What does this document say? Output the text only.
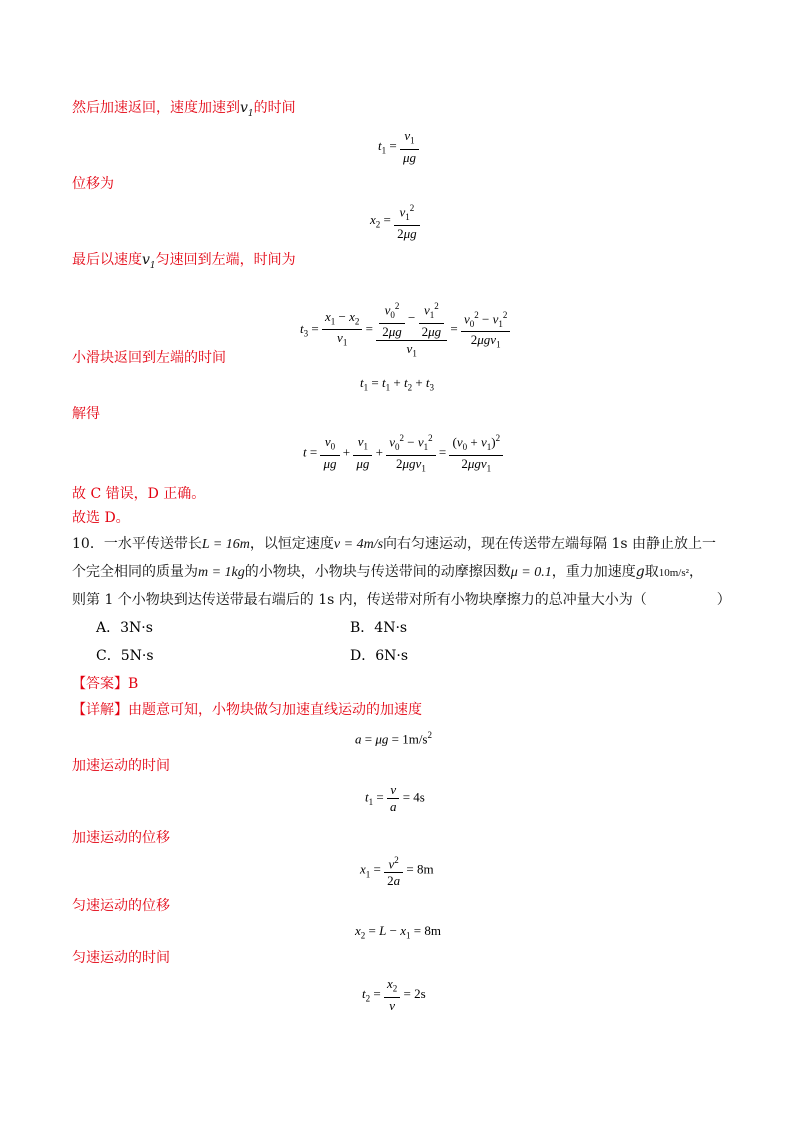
然后加速返回，速度加速到$v_1$的时间
$t_1 = \frac{v_1}{\mu g}$
位移为
$x_2 = \frac{v_1^2}{2\mu g}$
最后以速度$v_1$匀速回到左端，时间为
$t_3 = \frac{x_1 - x_2}{v_1} = \frac{\frac{v_0^2}{2\mu g} - \frac{v_1^2}{2\mu g}}{v_1} = \frac{v_0^2 - v_1^2}{2\mu gv_1}$
小滑块返回到左端的时间
$t_1 = t_1 + t_2 + t_3$
解得
$t = \frac{v_0}{\mu g} + \frac{v_1}{\mu g} + \frac{v_0^2 - v_1^2}{2\mu gv_1} = \frac{(v_0 + v_1)^2}{2\mu gv_1}$
故 C 错误，D 正确。
故选 D。
10．一水平传送带长L = 16m，以恒定速度v = 4m/s向右匀速运动，现在传送带左端每隔 1s 由静止放上一
个完全相同的质量为m = 1kg的小物块，小物块与传送带间的动摩擦因数μ = 0.1，重力加速度g取10m/s²，
则第 1 个小物块到达传送带最右端后的 1s 内，传送带对所有小物块摩擦力的总冲量大小为（　　　　　）
A．3N·s	B．4N·s
C．5N·s	D．6N·s
【答案】B
【详解】由题意可知，小物块做匀加速直线运动的加速度
$a = \mu g = 1m/s^2$
加速运动的时间
$t_1 = \frac{v}{a} = 4s$
加速运动的位移
$x_1 = \frac{v^2}{2a} = 8m$
匀速运动的位移
$x_2 = L - x_1 = 8m$
匀速运动的时间
$t_2 = \frac{x_2}{v} = 2s$
